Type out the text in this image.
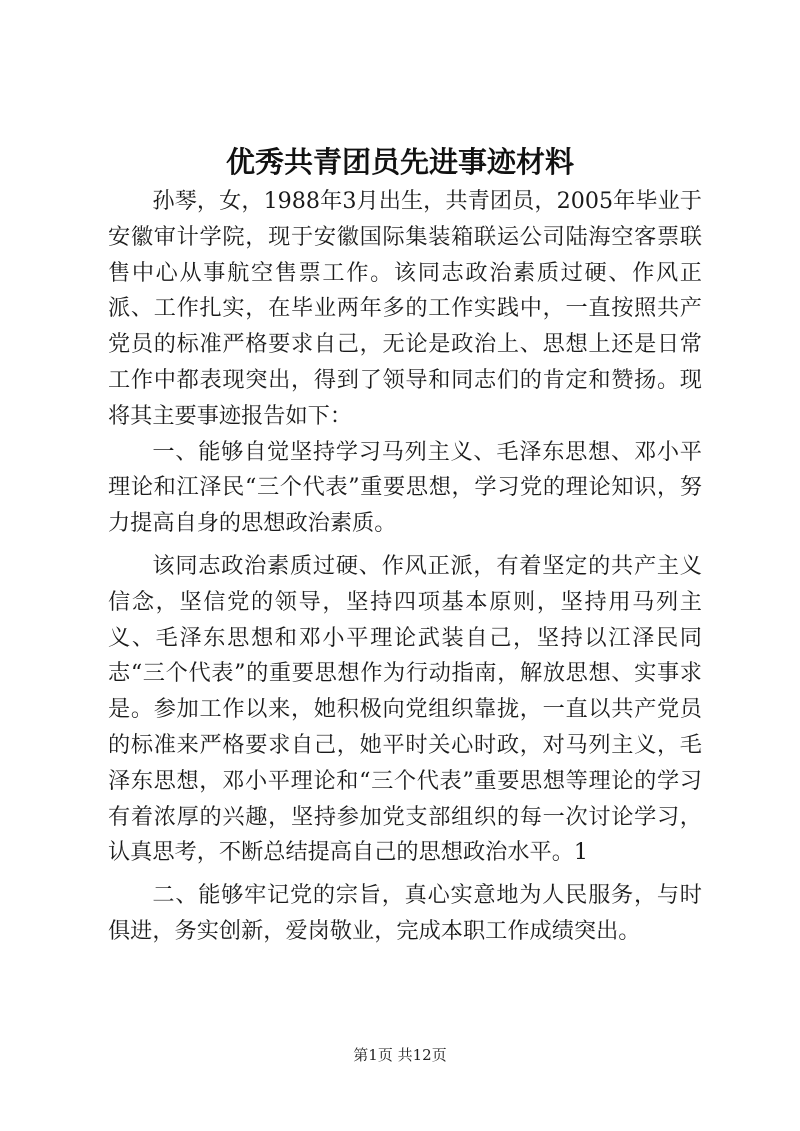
优秀共青团员先进事迹材料

孙琴，女，1988年3月出生，共青团员，2005年毕业于安徽审计学院，现于安徽国际集装箱联运公司陆海空客票联售中心从事航空售票工作。该同志政治素质过硬、作风正派、工作扎实，在毕业两年多的工作实践中，一直按照共产党员的标准严格要求自己，无论是政治上、思想上还是日常工作中都表现突出，得到了领导和同志们的肯定和赞扬。现将其主要事迹报告如下：

一、能够自觉坚持学习马列主义、毛泽东思想、邓小平理论和江泽民“三个代表”重要思想，学习党的理论知识，努力提高自身的思想政治素质。

该同志政治素质过硬、作风正派，有着坚定的共产主义信念，坚信党的领导，坚持四项基本原则，坚持用马列主义、毛泽东思想和邓小平理论武装自己，坚持以江泽民同志“三个代表”的重要思想作为行动指南，解放思想、实事求是。参加工作以来，她积极向党组织靠拢，一直以共产党员的标准来严格要求自己，她平时关心时政，对马列主义，毛泽东思想，邓小平理论和“三个代表”重要思想等理论的学习有着浓厚的兴趣，坚持参加党支部组织的每一次讨论学习，认真思考，不断总结提高自己的思想政治水平。1

二、能够牢记党的宗旨，真心实意地为人民服务，与时俱进，务实创新，爱岗敬业，完成本职工作成绩突出。

第1页 共12页
